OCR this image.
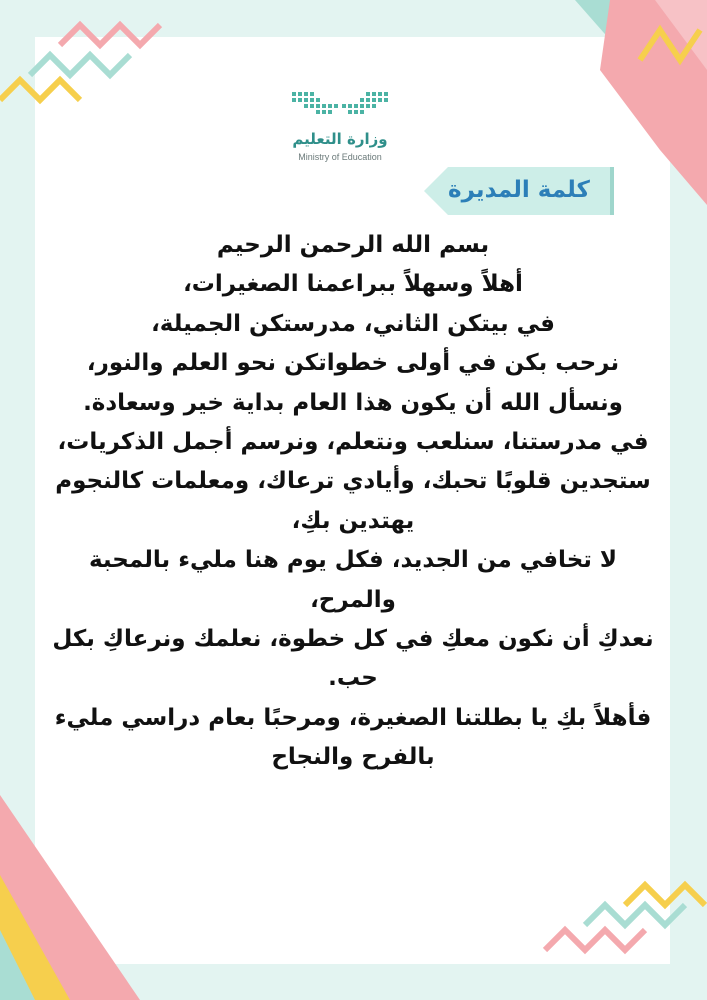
وزارة التعليم
Ministry of Education
كلمة المديرة
بسم الله الرحمن الرحيم
أهلاً وسهلاً ببراعمنا الصغيرات،
في بيتكن الثاني، مدرستكن الجميلة،
نرحب بكن في أولى خطواتكن نحو العلم والنور،
ونسأل الله أن يكون هذا العام بداية خير وسعادة.
في مدرستنا، سنلعب ونتعلم، ونرسم أجمل الذكريات،
ستجدين قلوبًا تحبك، وأيادي ترعاك، ومعلمات كالنجوم
يهتدين بكِ،
لا تخافي من الجديد، فكل يوم هنا مليء بالمحبة
والمرح،
نعدكِ أن نكون معكِ في كل خطوة، نعلمك ونرعاكِ بكل
حب.
فأهلاً بكِ يا بطلتنا الصغيرة، ومرحبًا بعام دراسي مليء
بالفرح والنجاح
